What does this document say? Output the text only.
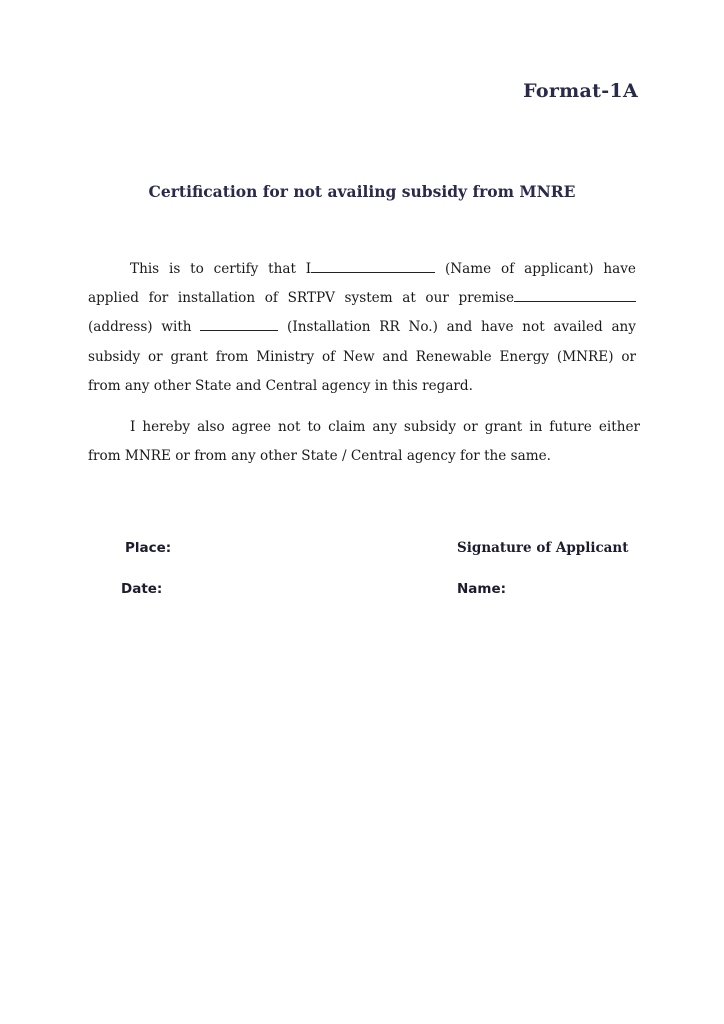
Format-1A
Certification for not availing subsidy from MNRE
This is to certify that I	(Name of applicant) have
applied for installation of SRTPV system at our premise
(address) with	(Installation RR No.) and have not availed any
subsidy or grant from Ministry of New and Renewable Energy (MNRE) or
from any other State and Central agency in this regard.
I hereby also agree not to claim any subsidy or grant in future either
from MNRE or from any other State / Central agency for the same.
Place:
Date:
Signature of Applicant
Name:
